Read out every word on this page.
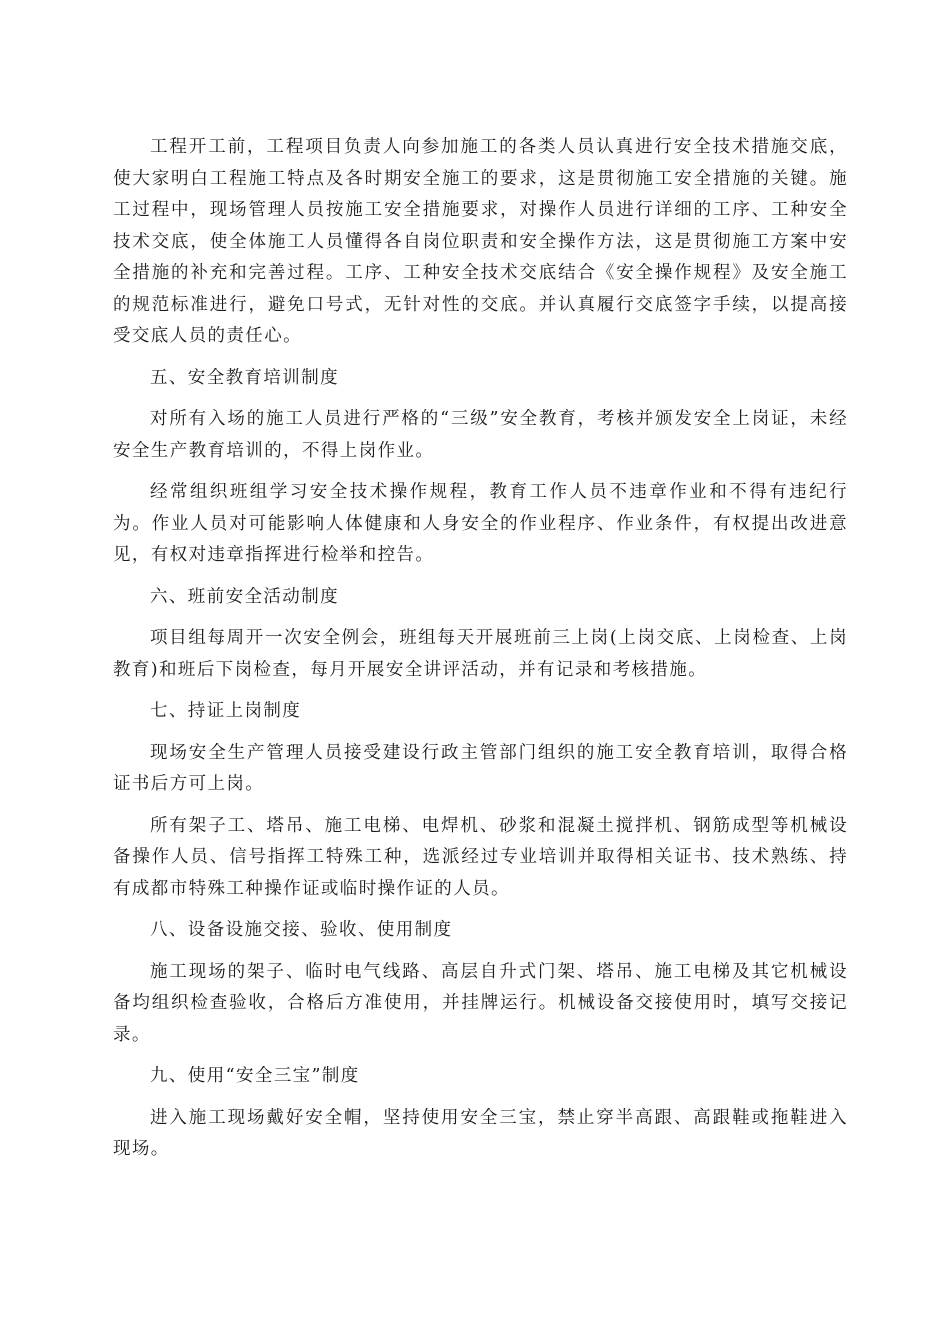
工程开工前，工程项目负责人向参加施工的各类人员认真进行安全技术措施交底，使大家明白工程施工特点及各时期安全施工的要求，这是贯彻施工安全措施的关键。施工过程中，现场管理人员按施工安全措施要求，对操作人员进行详细的工序、工种安全技术交底，使全体施工人员懂得各自岗位职责和安全操作方法，这是贯彻施工方案中安全措施的补充和完善过程。工序、工种安全技术交底结合《安全操作规程》及安全施工的规范标准进行，避免口号式，无针对性的交底。并认真履行交底签字手续，以提高接受交底人员的责任心。

五、安全教育培训制度

对所有入场的施工人员进行严格的“三级”安全教育，考核并颁发安全上岗证，未经安全生产教育培训的，不得上岗作业。

经常组织班组学习安全技术操作规程，教育工作人员不违章作业和不得有违纪行为。作业人员对可能影响人体健康和人身安全的作业程序、作业条件，有权提出改进意见，有权对违章指挥进行检举和控告。

六、班前安全活动制度

项目组每周开一次安全例会，班组每天开展班前三上岗(上岗交底、上岗检查、上岗教育)和班后下岗检查，每月开展安全讲评活动，并有记录和考核措施。

七、持证上岗制度

现场安全生产管理人员接受建设行政主管部门组织的施工安全教育培训，取得合格证书后方可上岗。

所有架子工、塔吊、施工电梯、电焊机、砂浆和混凝土搅拌机、钢筋成型等机械设备操作人员、信号指挥工特殊工种，选派经过专业培训并取得相关证书、技术熟练、持有成都市特殊工种操作证或临时操作证的人员。

八、设备设施交接、验收、使用制度

施工现场的架子、临时电气线路、高层自升式门架、塔吊、施工电梯及其它机械设备均组织检查验收，合格后方准使用，并挂牌运行。机械设备交接使用时，填写交接记录。

九、使用“安全三宝”制度

进入施工现场戴好安全帽，坚持使用安全三宝，禁止穿半高跟、高跟鞋或拖鞋进入现场。
